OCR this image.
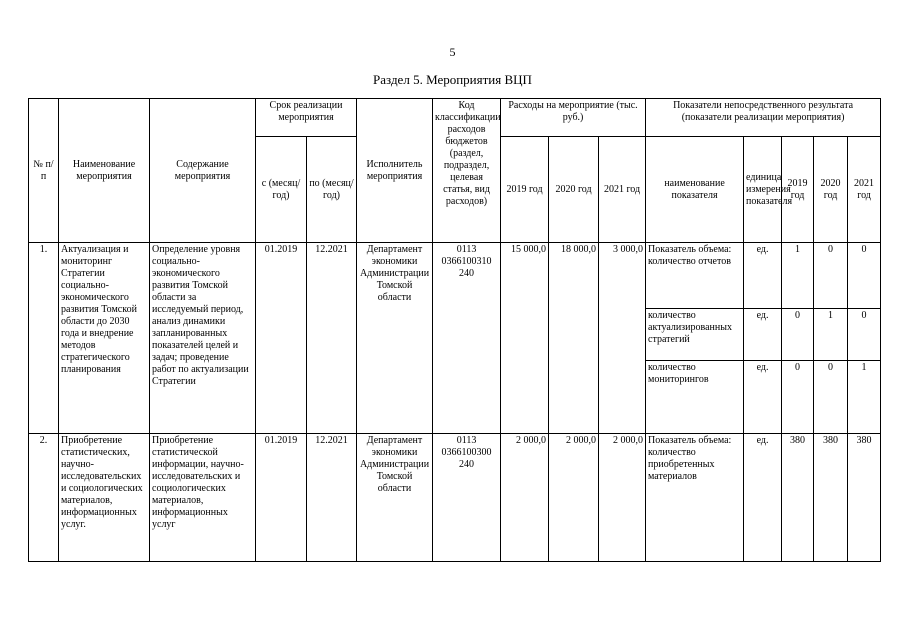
5
Раздел 5. Мероприятия ВЦП
№ п/п	Наименование мероприятия	Содержание мероприятия	Срок реализации мероприятия		Исполнитель мероприятия	Код классификации расходов бюджетов (раздел, подраздел, целевая статья, вид расходов)	Расходы на мероприятие (тыс. руб.)			Показатели непосредственного результата (показатели реализации мероприятия)				
			с (месяц/год)	по (месяц/год)			2019 год	2020 год	2021 год	наименование показателя	единица измерения показателя	2019 год	2020 год	2021 год
1.	Актуализация и мониторинг Стратегии социально-экономического развития Томской области до 2030 года и внедрение методов стратегического планирования	Определение уровня социально-экономического развития Томской области за исследуемый период, анализ динамики запланированных показателей целей и задач; проведение работ по актуализации Стратегии	01.2019	12.2021	Департамент экономики Администрации Томской области	0113 0366100310 240	15 000,0	18 000,0	3 000,0	Показатель объема: количество отчетов	ед.	1	0	0
										количество актуализированных стратегий	ед.	0	1	0
										количество мониторингов	ед.	0	0	1
2.	Приобретение статистических, научно-исследовательских и социологических материалов, информационных услуг.	Приобретение статистической информации, научно-исследовательских и социологических материалов, информационных услуг	01.2019	12.2021	Департамент экономики Администрации Томской области	0113 0366100300 240	2 000,0	2 000,0	2 000,0	Показатель объема: количество приобретенных материалов	ед.	380	380	380
